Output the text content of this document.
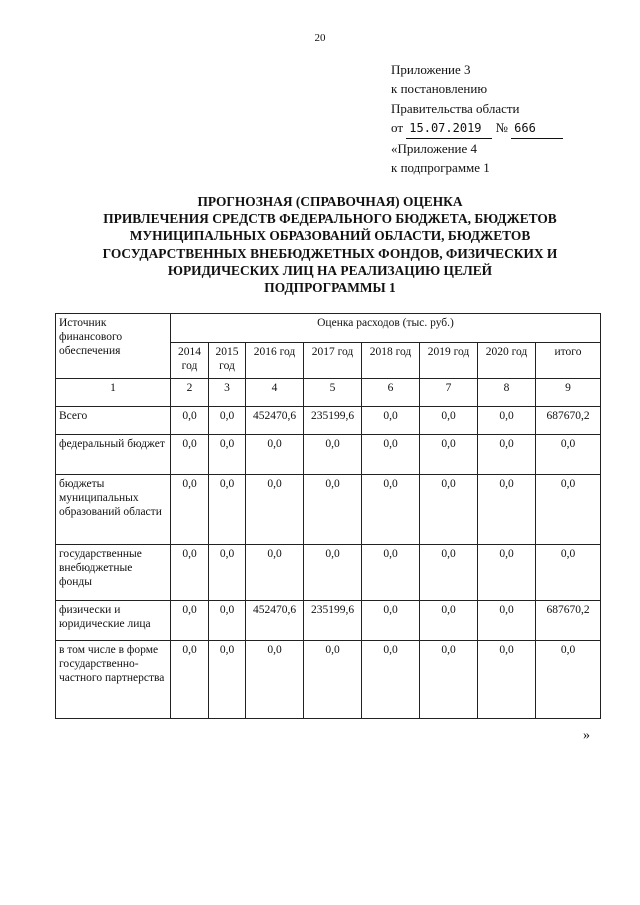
20
Приложение 3
к постановлению
Правительства области
от 15.07.2019 № 666
«Приложение 4
к подпрограмме 1
ПРОГНОЗНАЯ (СПРАВОЧНАЯ) ОЦЕНКА
ПРИВЛЕЧЕНИЯ СРЕДСТВ ФЕДЕРАЛЬНОГО БЮДЖЕТА, БЮДЖЕТОВ
МУНИЦИПАЛЬНЫХ ОБРАЗОВАНИЙ ОБЛАСТИ, БЮДЖЕТОВ
ГОСУДАРСТВЕННЫХ ВНЕБЮДЖЕТНЫХ ФОНДОВ, ФИЗИЧЕСКИХ И
ЮРИДИЧЕСКИХ ЛИЦ НА РЕАЛИЗАЦИЮ ЦЕЛЕЙ
ПОДПРОГРАММЫ 1
Источник финансового обеспечения	Оценка расходов (тыс. руб.)							
	2014 год	2015 год	2016 год	2017 год	2018 год	2019 год	2020 год	итого
1	2	3	4	5	6	7	8	9
Всего	0,0	0,0	452470,6	235199,6	0,0	0,0	0,0	687670,2
федеральный бюджет	0,0	0,0	0,0	0,0	0,0	0,0	0,0	0,0
бюджеты муниципальных образований области	0,0	0,0	0,0	0,0	0,0	0,0	0,0	0,0
государственные внебюджетные фонды	0,0	0,0	0,0	0,0	0,0	0,0	0,0	0,0
физически и юридические лица	0,0	0,0	452470,6	235199,6	0,0	0,0	0,0	687670,2
в том числе в форме государственно-частного партнерства	0,0	0,0	0,0	0,0	0,0	0,0	0,0	0,0
»
